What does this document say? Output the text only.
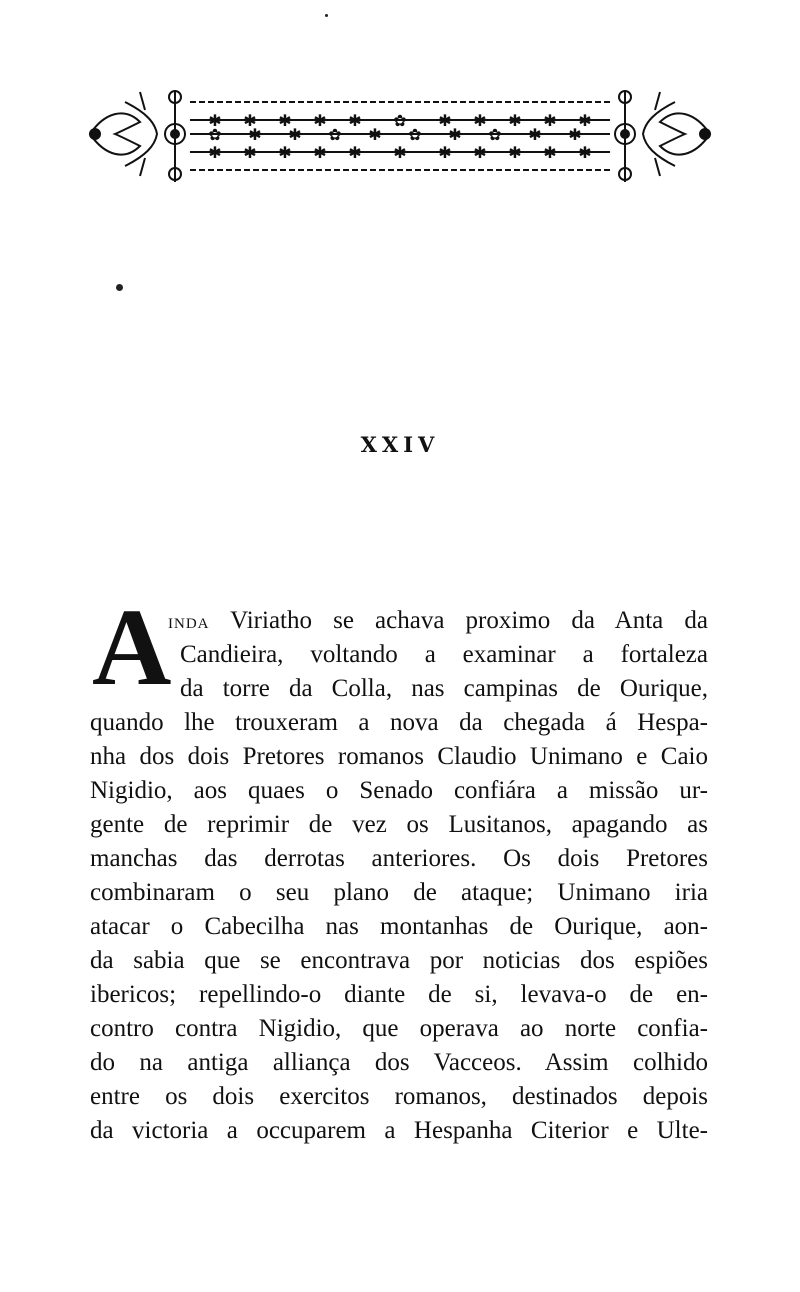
✱ ✱ ✱ ✱ ✱ ✿ ✱ ✱ ✱ ✱ ✱
✿ ✱ ✱ ✿ ✱ ✿ ✱ ✿ ✱ ✱
✱ ✱ ✱ ✱ ✱ ✱ ✱ ✱ ✱ ✱ ✱
XXIV
A
INDA Viriatho se achava proximo da Anta da
Candieira, voltando a examinar a fortaleza
da torre da Colla, nas campinas de Ourique,
quando lhe trouxeram a nova da chegada á Hespa-
nha dos dois Pretores romanos Claudio Unimano e Caio
Nigidio, aos quaes o Senado confiára a missão ur-
gente de reprimir de vez os Lusitanos, apagando as
manchas das derrotas anteriores. Os dois Pretores
combinaram o seu plano de ataque; Unimano iria
atacar o Cabecilha nas montanhas de Ourique, aon-
da sabia que se encontrava por noticias dos espiões
ibericos; repellindo-o diante de si, levava-o de en-
contro contra Nigidio, que operava ao norte confia-
do na antiga alliança dos Vacceos. Assim colhido
entre os dois exercitos romanos, destinados depois
da victoria a occuparem a Hespanha Citerior e Ulte-
